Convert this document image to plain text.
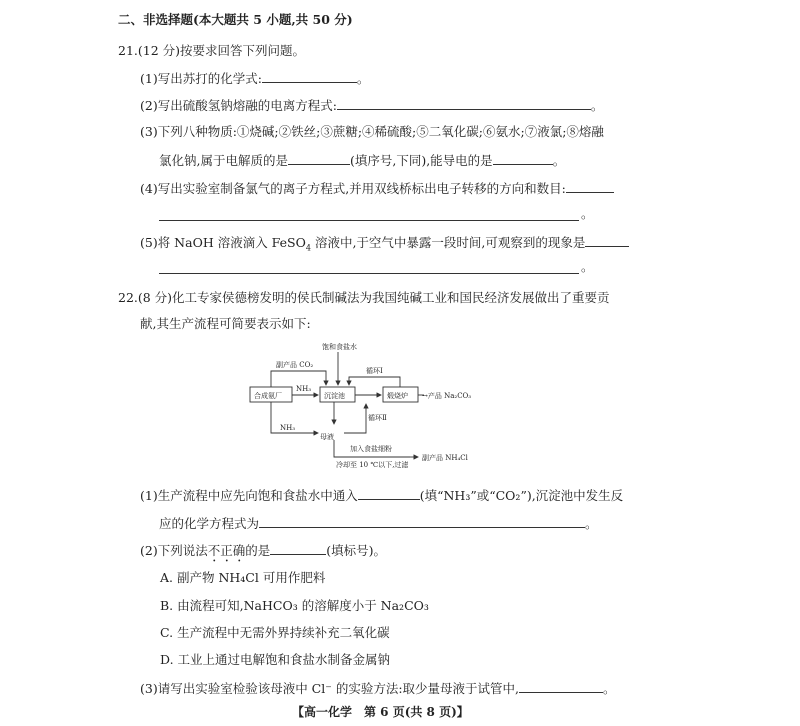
二、非选择题(本大题共 5 小题,共 50 分)
21.(12 分)按要求回答下列问题。
(1)写出苏打的化学式:	。
(2)写出硫酸氢钠熔融的电离方程式:	。
(3)下列八种物质:①烧碱;②铁丝;③蔗糖;④稀硫酸;⑤二氧化碳;⑥氨水;⑦液氯;⑧熔融
氯化钠,属于电解质的是	(填序号,下同),能导电的是	。
(4)写出实验室制备氯气的离子方程式,并用双线桥标出电子转移的方向和数目:
。
(5)将 NaOH 溶液滴入 FeSO$_4$ 溶液中,于空气中暴露一段时间,可观察到的现象是
。
22.(8 分)化工专家侯德榜发明的侯氏制碱法为我国纯碱工业和国民经济发展做出了重要贡
献,其生产流程可简要表示如下:
饱和食盐水
副产品 CO₂
循环Ⅰ
NH₃
合成氨厂	沉淀池	煅烧炉 →产品 Na₂CO₃
循环Ⅱ
NH₃
母液
加入食盐细粉
副产品 NH₄Cl
冷却至 10 ℃以下,过滤
(1)生产流程中应先向饱和食盐水中通入	(填“NH₃”或“CO₂”),沉淀池中发生反
应的化学方程式为	。
(2)下列说法不正确的是	(填标号)。
A. 副产物 NH₄Cl 可用作肥料
B. 由流程可知,NaHCO₃ 的溶解度小于 Na₂CO₃
C. 生产流程中无需外界持续补充二氧化碳
D. 工业上通过电解饱和食盐水制备金属钠
(3)请写出实验室检验该母液中 Cl⁻ 的实验方法:取少量母液于试管中,	。
【高一化学　第 6 页(共 8 页)】
